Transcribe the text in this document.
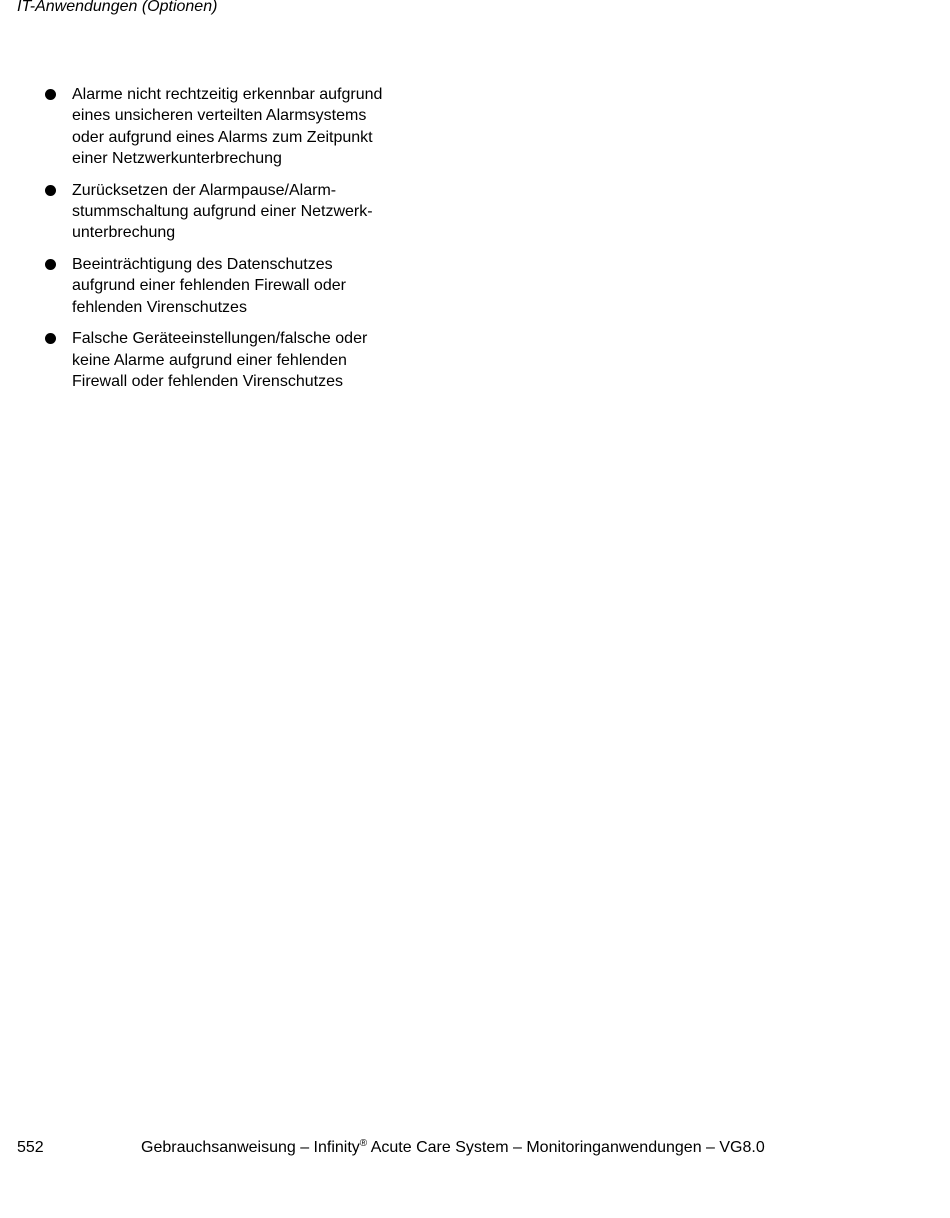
IT-Anwendungen (Optionen)
Alarme nicht rechtzeitig erkennbar aufgrund
eines unsicheren verteilten Alarmsystems
oder aufgrund eines Alarms zum Zeitpunkt
einer Netzwerkunterbrechung
Zurücksetzen der Alarmpause/Alarm-
stummschaltung aufgrund einer Netzwerk-
unterbrechung
Beeinträchtigung des Datenschutzes
aufgrund einer fehlenden Firewall oder
fehlenden Virenschutzes
Falsche Geräteeinstellungen/falsche oder
keine Alarme aufgrund einer fehlenden
Firewall oder fehlenden Virenschutzes
552	Gebrauchsanweisung – Infinity® Acute Care System – Monitoringanwendungen – VG8.0
